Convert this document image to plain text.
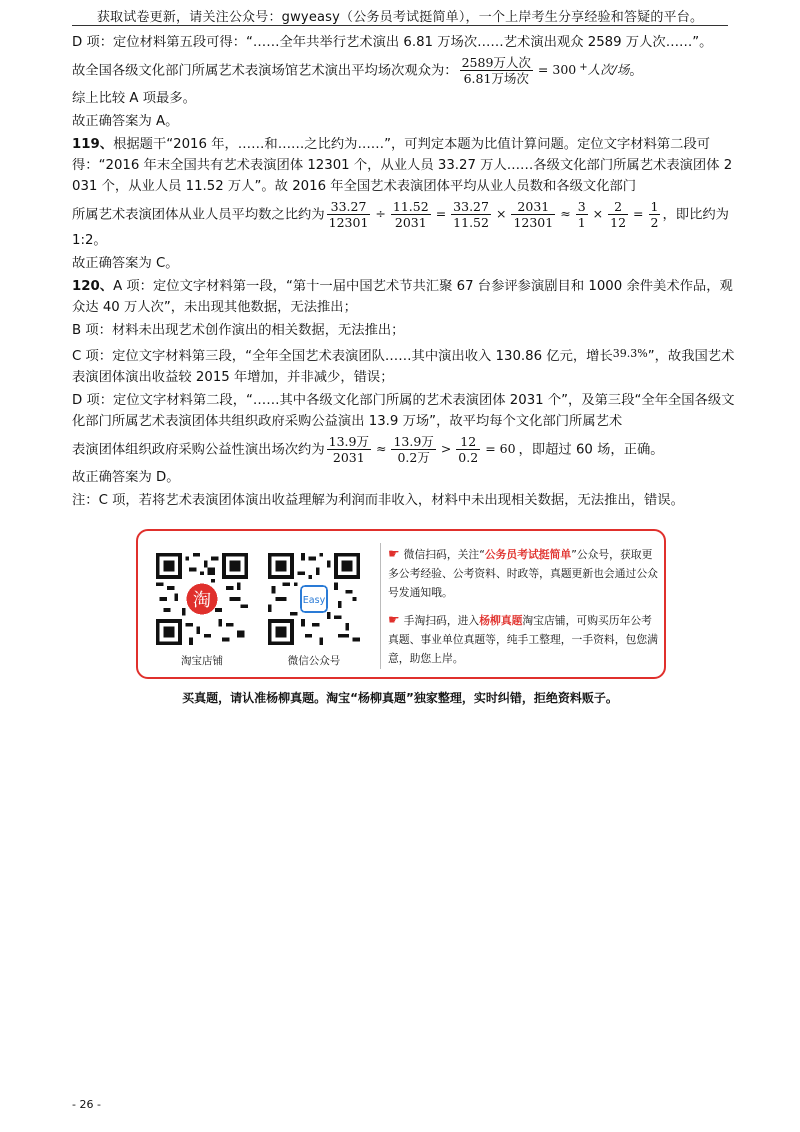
获取试卷更新，请关注公众号：gwyeasy（公务员考试挺简单），一个上岸考生分享经验和答疑的平台。

D 项：定位材料第五段可得：“……全年共举行艺术演出 6.81 万场次……艺术演出观众 2589 万人次……”。

故全国各级文化部门所属艺术表演场馆艺术演出平均场次观众为： $\frac{\text{2589万人次}}{\text{6.81万场次}} = 300$ +人次/场。

综上比较 A 项最多。

故正确答案为 A。

119、根据题干“2016 年，……和……之比约为……”，可判定本题为比值计算问题。定位文字材料第二段可得：“2016 年末全国共有艺术表演团体 12301 个，从业人员 33.27 万人……各级文化部门所属艺术表演团体 2031 个，从业人员 11.52 万人”。故 2016 年全国艺术表演团体平均从业人员数和各级文化部门

所属艺术表演团体从业人员平均数之比约为 $\frac{33.27}{12301} \div \frac{11.52}{2031} = \frac{33.27}{11.52} \times \frac{2031}{12301} \approx \frac{3}{1} \times \frac{2}{12} = \frac{1}{2}$ ，即比约为 1:2。

故正确答案为 C。

120、A 项：定位文字材料第一段，“第十一届中国艺术节共汇聚 67 台参评参演剧目和 1000 余件美术作品，观众达 40 万人次”，未出现其他数据，无法推出；

B 项：材料未出现艺术创作演出的相关数据，无法推出；

C 项：定位文字材料第三段，“全年全国艺术表演团队……其中演出收入 130.86 亿元，增长39.3%”，故我国艺术表演团体演出收益较 2015 年增加，并非减少，错误；

D 项：定位文字材料第二段，“……其中各级文化部门所属的艺术表演团体 2031 个”，及第三段“全年全国各级文化部门所属艺术表演团体共组织政府采购公益演出 13.9 万场”，故平均每个文化部门所属艺术

表演团体组织政府采购公益性演出场次约为 $\frac{\text{13.9万}}{2031} \approx \frac{\text{13.9万}}{\text{0.2万}} > \frac{12}{0.2} = 60$ ，即超过 60 场，正确。

故正确答案为 D。

注：C 项，若将艺术表演团体演出收益理解为利润而非收入，材料中未出现相关数据，无法推出，错误。

淘
淘宝店铺
Easy
微信公众号
☛ 微信扫码，关注“公务员考试挺简单”公众号，获取更多公考经验、公考资料、时政等，真题更新也会通过公众号发通知哦。
☛ 手淘扫码，进入杨柳真题淘宝店铺，可购买历年公考真题、事业单位真题等，纯手工整理，一手资料，包您满意，助您上岸。
买真题，请认准杨柳真题。淘宝“杨柳真题”独家整理，实时纠错，拒绝资料贩子。
- 26 -
